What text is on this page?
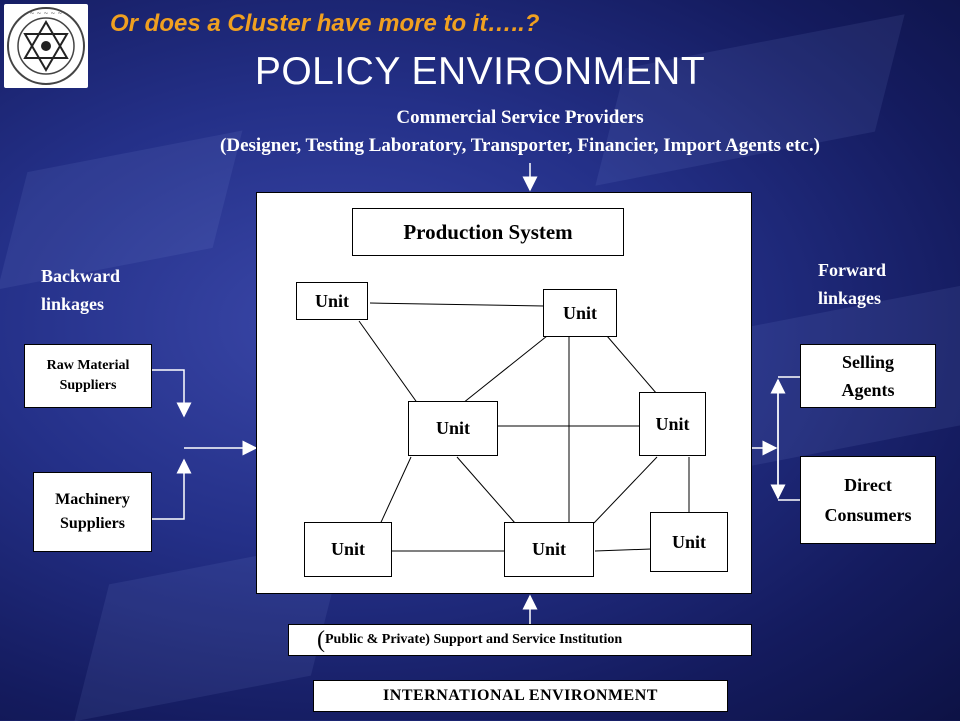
~ ~ ~ ~ ~ Or does a Cluster have more to it…..?
POLICY ENVIRONMENT
Commercial Service Providers
(Designer, Testing Laboratory, Transporter, Financier, Import Agents etc.)
Production System
Unit
Unit
Unit	Unit
Unit	Unit	Unit
Backward
linkages
Raw Material
Suppliers
Machinery
Suppliers
Forward
linkages
Selling
Agents
Direct
Consumers
( Public & Private) Support and Service Institution
INTERNATIONAL ENVIRONMENT
